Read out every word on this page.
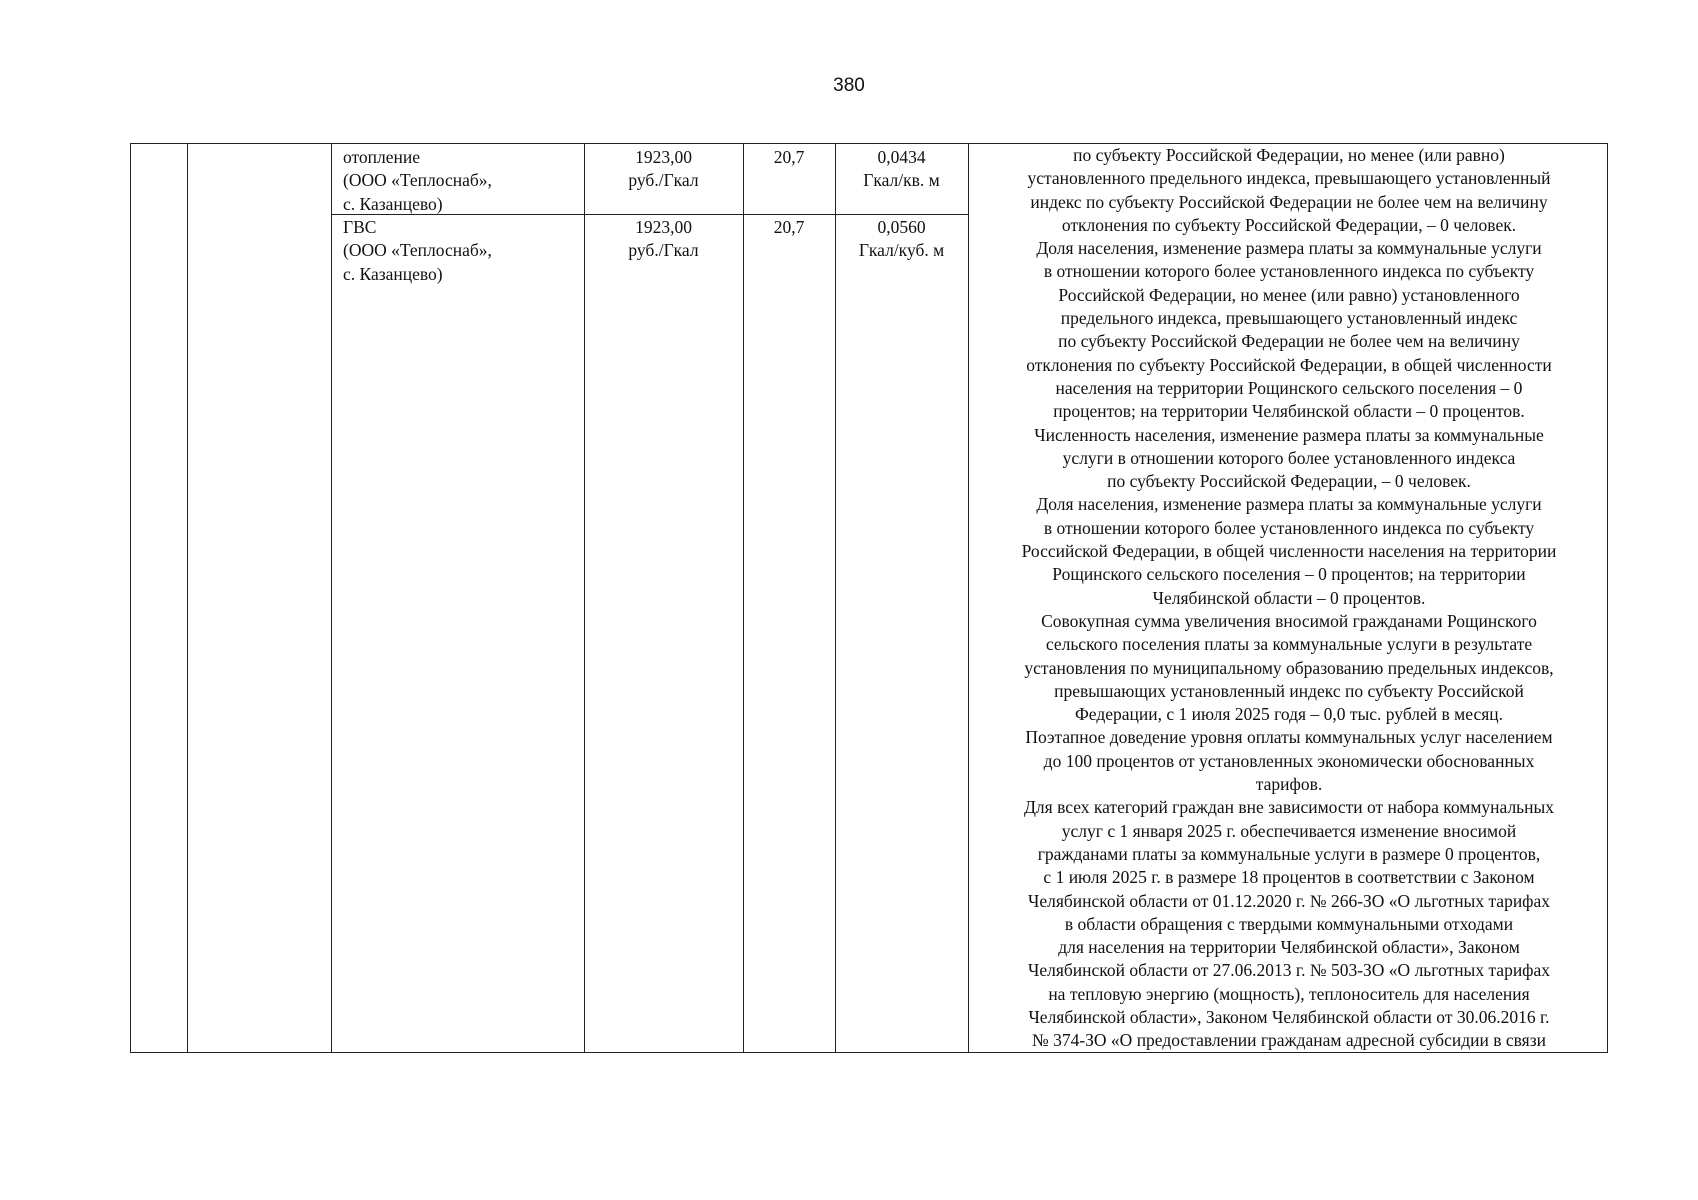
380
отопление
(ООО «Теплоснаб»,
с. Казанцево)
1923,00
руб./Гкал
20,7	0,0434
Гкал/кв. м
ГВС
(ООО «Теплоснаб»,
с. Казанцево)
1923,00
руб./Гкал
20,7	0,0560
Гкал/куб. м
по субъекту Российской Федерации, но менее (или равно)
установленного предельного индекса, превышающего установленный
индекс по субъекту Российской Федерации не более чем на величину
отклонения по субъекту Российской Федерации, – 0 человек.
Доля населения, изменение размера платы за коммунальные услуги
в отношении которого более установленного индекса по субъекту
Российской Федерации, но менее (или равно) установленного
предельного индекса, превышающего установленный индекс
по субъекту Российской Федерации не более чем на величину
отклонения по субъекту Российской Федерации, в общей численности
населения на территории Рощинского сельского поселения – 0
процентов; на территории Челябинской области – 0 процентов.
Численность населения, изменение размера платы за коммунальные
услуги в отношении которого более установленного индекса
по субъекту Российской Федерации, – 0 человек.
Доля населения, изменение размера платы за коммунальные услуги
в отношении которого более установленного индекса по субъекту
Российской Федерации, в общей численности населения на территории
Рощинского сельского поселения – 0 процентов; на территории
Челябинской области – 0 процентов.
Совокупная сумма увеличения вносимой гражданами Рощинского
сельского поселения платы за коммунальные услуги в результате
установления по муниципальному образованию предельных индексов,
превышающих установленный индекс по субъекту Российской
Федерации, с 1 июля 2025 годя – 0,0 тыс. рублей в месяц.
Поэтапное доведение уровня оплаты коммунальных услуг населением
до 100 процентов от установленных экономически обоснованных
тарифов.
Для всех категорий граждан вне зависимости от набора коммунальных
услуг с 1 января 2025 г. обеспечивается изменение вносимой
гражданами платы за коммунальные услуги в размере 0 процентов,
с 1 июля 2025 г. в размере 18 процентов в соответствии с Законом
Челябинской области от 01.12.2020 г. № 266-ЗО «О льготных тарифах
в области обращения с твердыми коммунальными отходами
для населения на территории Челябинской области», Законом
Челябинской области от 27.06.2013 г. № 503-ЗО «О льготных тарифах
на тепловую энергию (мощность), теплоноситель для населения
Челябинской области», Законом Челябинской области от 30.06.2016 г.
№ 374-ЗО «О предоставлении гражданам адресной субсидии в связи
